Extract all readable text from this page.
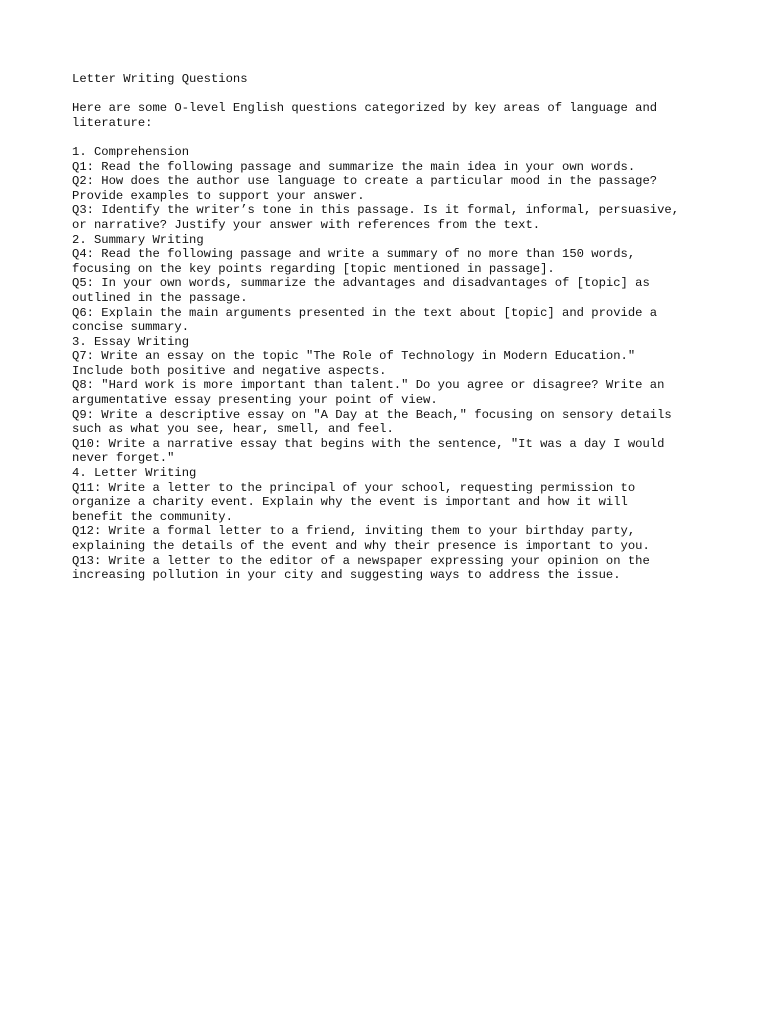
Letter Writing Questions
Here are some O-level English questions categorized by key areas of language and
literature:
1. Comprehension
Q1: Read the following passage and summarize the main idea in your own words.
Q2: How does the author use language to create a particular mood in the passage?
Provide examples to support your answer.
Q3: Identify the writer’s tone in this passage. Is it formal, informal, persuasive,
or narrative? Justify your answer with references from the text.
2. Summary Writing
Q4: Read the following passage and write a summary of no more than 150 words,
focusing on the key points regarding [topic mentioned in passage].
Q5: In your own words, summarize the advantages and disadvantages of [topic] as
outlined in the passage.
Q6: Explain the main arguments presented in the text about [topic] and provide a
concise summary.
3. Essay Writing
Q7: Write an essay on the topic "The Role of Technology in Modern Education."
Include both positive and negative aspects.
Q8: "Hard work is more important than talent." Do you agree or disagree? Write an
argumentative essay presenting your point of view.
Q9: Write a descriptive essay on "A Day at the Beach," focusing on sensory details
such as what you see, hear, smell, and feel.
Q10: Write a narrative essay that begins with the sentence, "It was a day I would
never forget."
4. Letter Writing
Q11: Write a letter to the principal of your school, requesting permission to
organize a charity event. Explain why the event is important and how it will
benefit the community.
Q12: Write a formal letter to a friend, inviting them to your birthday party,
explaining the details of the event and why their presence is important to you.
Q13: Write a letter to the editor of a newspaper expressing your opinion on the
increasing pollution in your city and suggesting ways to address the issue.
